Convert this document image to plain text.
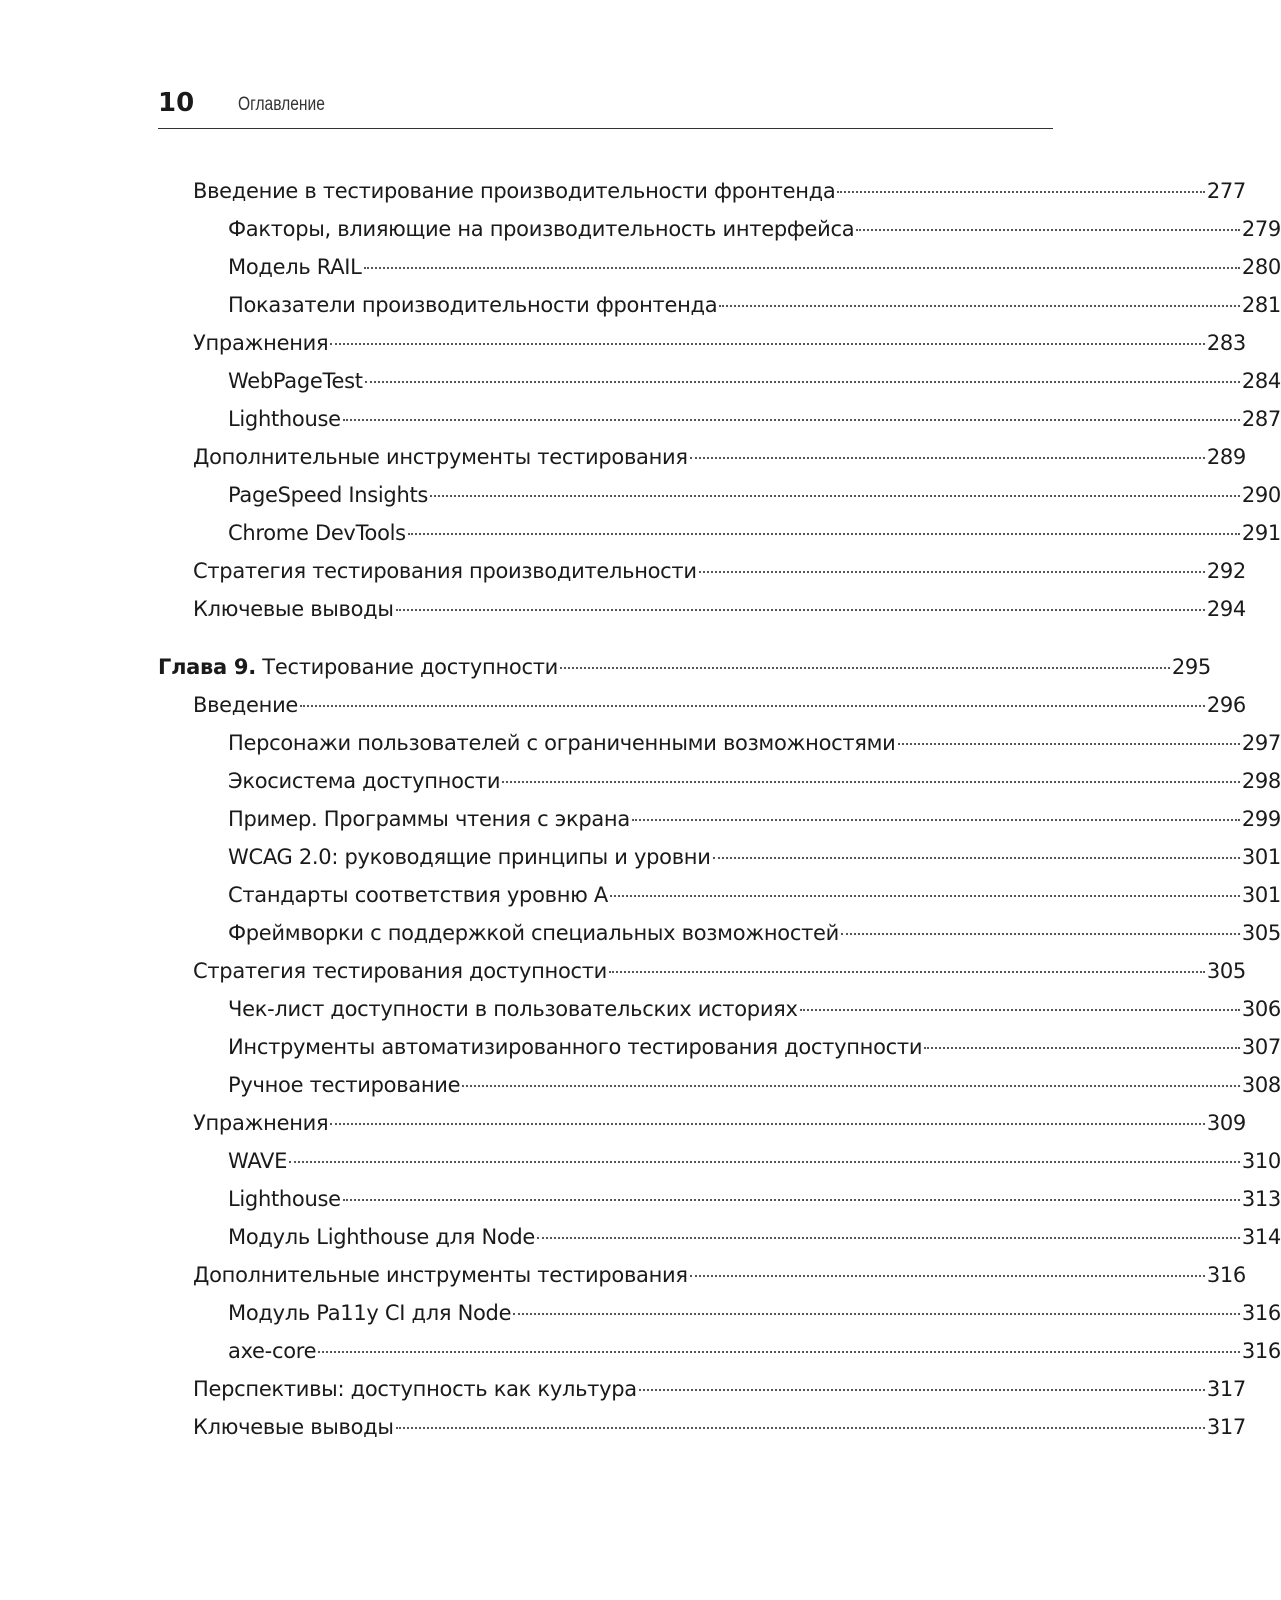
10 Оглавление
Введение в тестирование производительности фронтенда	277
Факторы, влияющие на производительность интерфейса	279
Модель RAIL	280
Показатели производительности фронтенда	281
Упражнения	283
WebPageTest	284
Lighthouse	287
Дополнительные инструменты тестирования	289
PageSpeed Insights	290
Chrome DevTools	291
Стратегия тестирования производительности	292
Ключевые выводы	294
Глава 9. Тестирование доступности	295
Введение	296
Персонажи пользователей с ограниченными возможностями	297
Экосистема доступности	298
Пример. Программы чтения с экрана	299
WCAG 2.0: руководящие принципы и уровни	301
Стандарты соответствия уровню A	301
Фреймворки с поддержкой специальных возможностей	305
Стратегия тестирования доступности	305
Чек-лист доступности в пользовательских историях	306
Инструменты автоматизированного тестирования доступности	307
Ручное тестирование	308
Упражнения	309
WAVE	310
Lighthouse	313
Модуль Lighthouse для Node	314
Дополнительные инструменты тестирования	316
Модуль Pa11y CI для Node	316
axe-core	316
Перспективы: доступность как культура	317
Ключевые выводы	317
